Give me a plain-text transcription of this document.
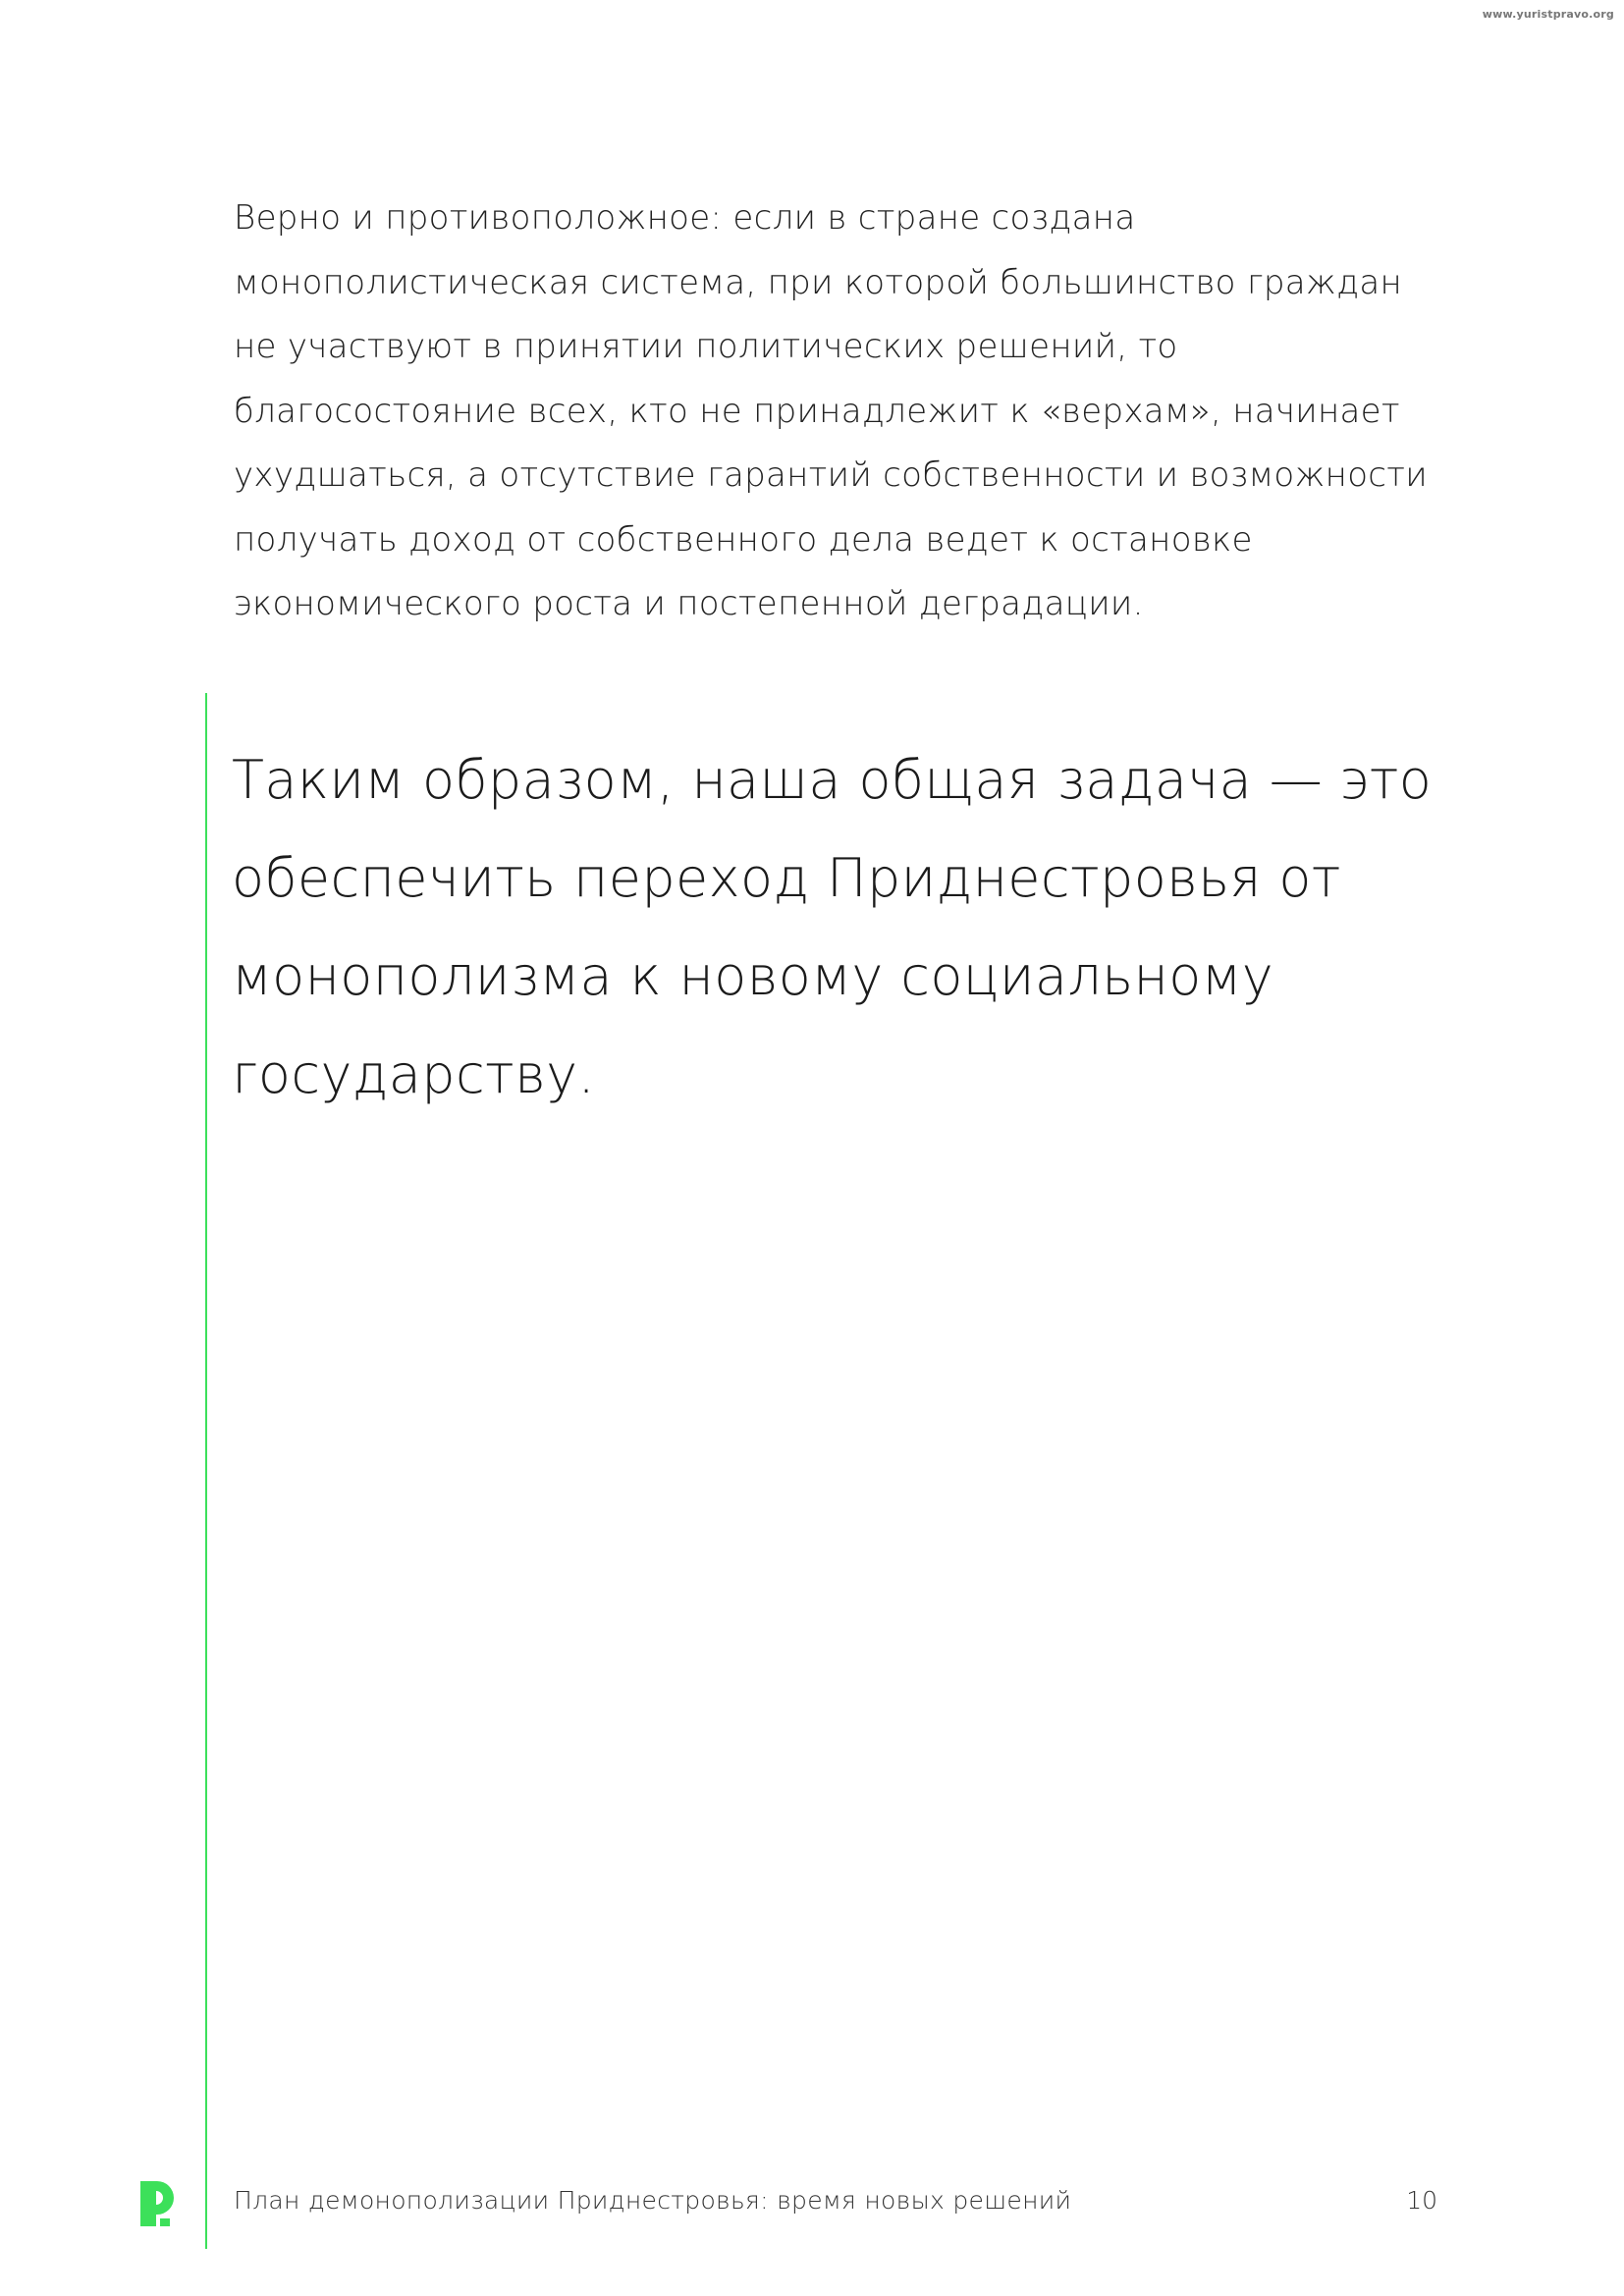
www.yuristpravo.org

Верно и противоположное: если в стране создана монополистическая система, при которой большинство граждан не участвуют в принятии политических решений, то благосостояние всех, кто не принадлежит к «верхам», начинает ухудшаться, а отсутствие гарантий собственности и возможности получать доход от собственного дела ведет к остановке экономического роста и постепенной деградации.

Таким образом, наша общая задача — это обеспечить переход Приднестровья от монополизма к новому социальному государству.

План демонополизации Приднестровья: время новых решений	10
